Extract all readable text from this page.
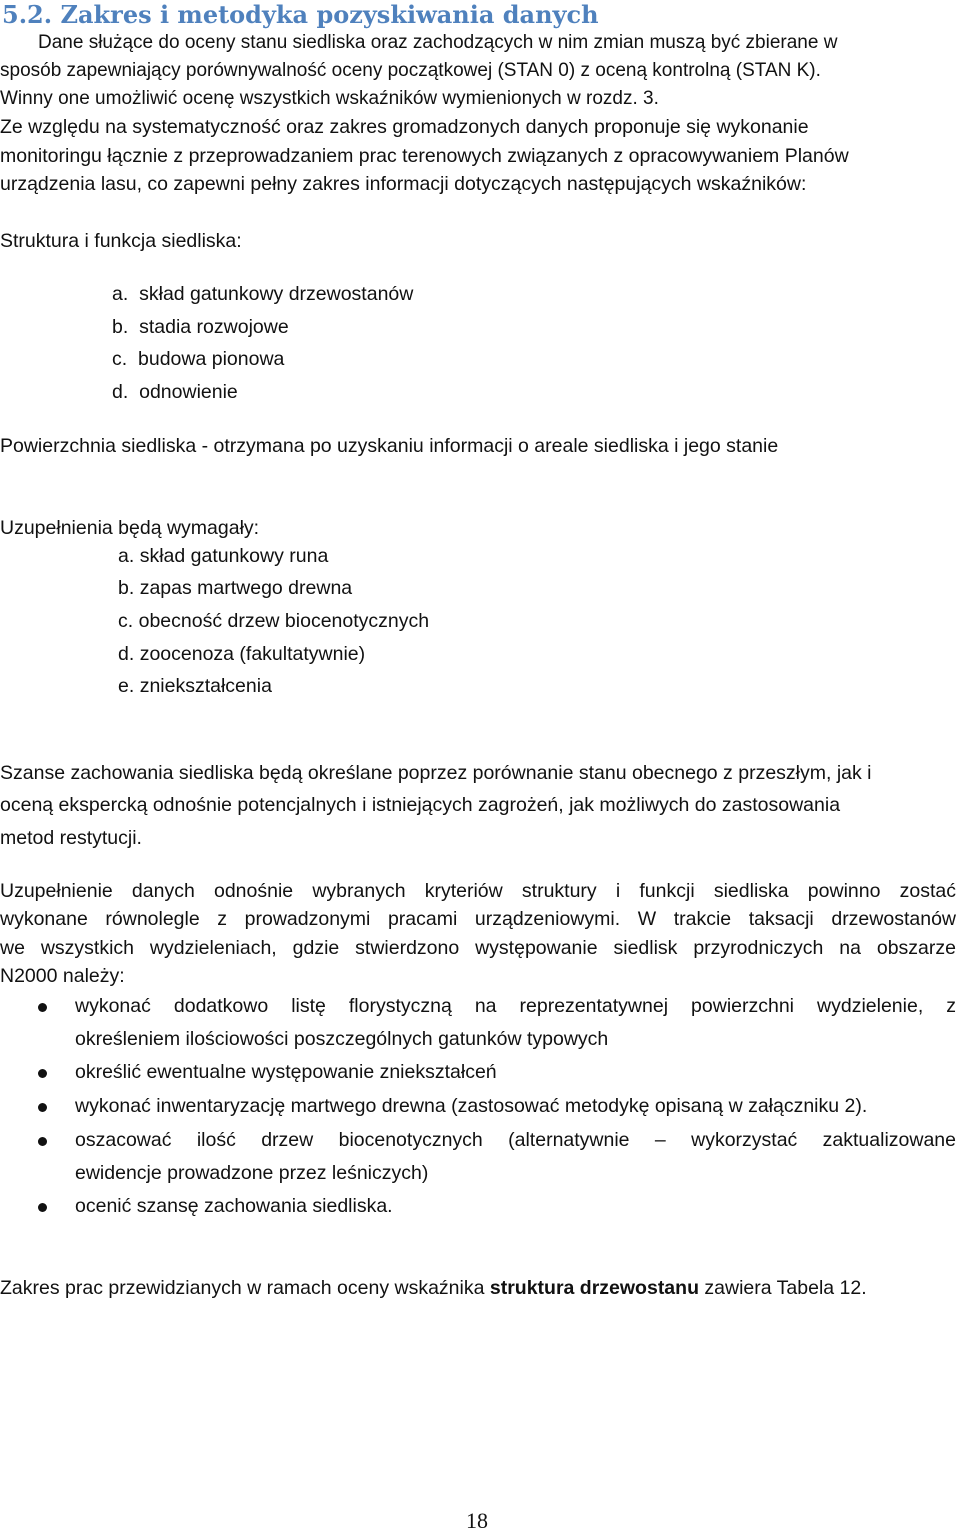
5.2. Zakres i metodyka pozyskiwania danych
Dane służące do oceny stanu siedliska oraz zachodzących w nim zmian muszą być zbierane w
sposób zapewniający porównywalność oceny początkowej (STAN 0) z oceną kontrolną (STAN K).
Winny one umożliwić ocenę wszystkich wskaźników wymienionych w rozdz. 3.
Ze względu na systematyczność oraz zakres gromadzonych danych proponuje się wykonanie
monitoringu łącznie z przeprowadzaniem prac terenowych związanych z opracowywaniem Planów
urządzenia lasu, co zapewni pełny zakres informacji dotyczących następujących wskaźników:
Struktura i funkcja siedliska:
a. skład gatunkowy drzewostanów
b. stadia rozwojowe
c. budowa pionowa
d. odnowienie
Powierzchnia siedliska - otrzymana po uzyskaniu informacji o areale siedliska i jego stanie
Uzupełnienia będą wymagały:
a. skład gatunkowy runa
b. zapas martwego drewna
c. obecność drzew biocenotycznych
d. zoocenoza (fakultatywnie)
e. zniekształcenia
Szanse zachowania siedliska będą określane poprzez porównanie stanu obecnego z przeszłym, jak i
oceną ekspercką odnośnie potencjalnych i istniejących zagrożeń, jak możliwych do zastosowania
metod restytucji.
Uzupełnienie danych odnośnie wybranych kryteriów struktury i funkcji siedliska powinno zostać
wykonane równolegle z prowadzonymi pracami urządzeniowymi. W trakcie taksacji drzewostanów
we wszystkich wydzieleniach, gdzie stwierdzono występowanie siedlisk przyrodniczych na obszarze
N2000 należy:
wykonać dodatkowo listę florystyczną na reprezentatywnej powierzchni wydzielenie, z
określeniem ilościowości poszczególnych gatunków typowych
określić ewentualne występowanie zniekształceń
wykonać inwentaryzację martwego drewna (zastosować metodykę opisaną w załączniku 2).
oszacować ilość drzew biocenotycznych (alternatywnie – wykorzystać zaktualizowane
ewidencje prowadzone przez leśniczych)
ocenić szansę zachowania siedliska.
Zakres prac przewidzianych w ramach oceny wskaźnika struktura drzewostanu zawiera Tabela 12.
18
